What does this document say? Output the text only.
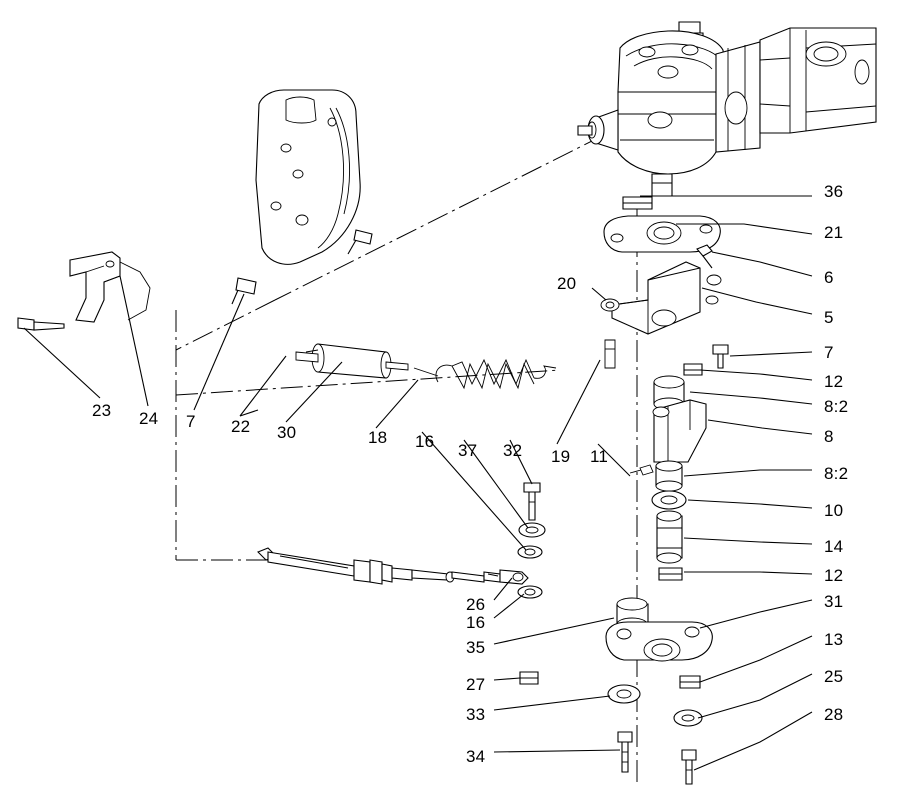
36
21
6
5
7
12
8:2
8
8:2
10
14
12
31
13
25
28
20
19 11
32
37
16
18
30
22
7
24
23
26
16
35
27
33
34
